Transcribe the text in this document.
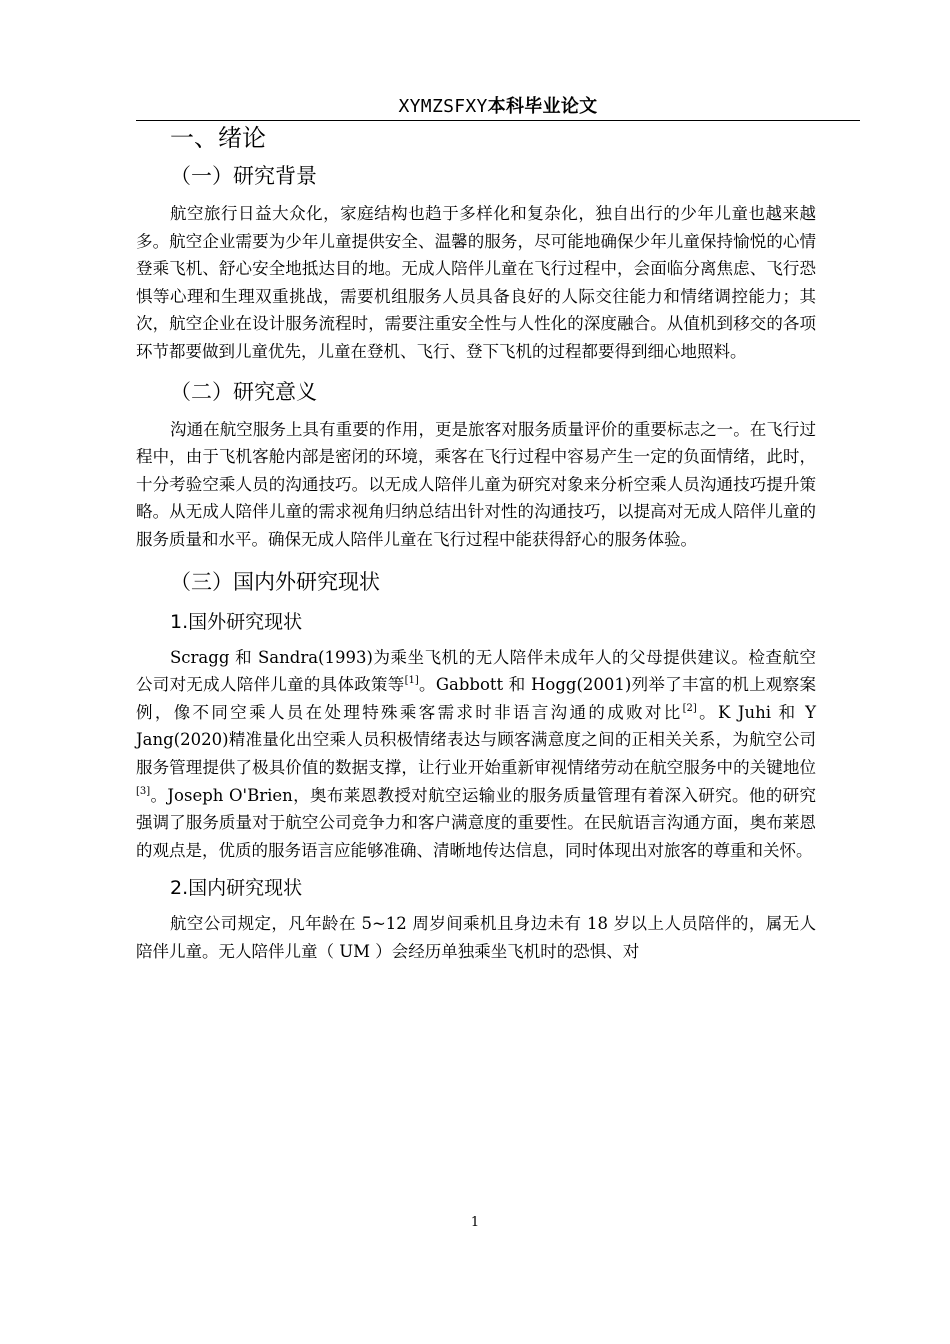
XYMZSFXY本科毕业论文
一、绪论
（一）研究背景

航空旅行日益大众化，家庭结构也趋于多样化和复杂化，独自出行的少年儿童也越来越多。航空企业需要为少年儿童提供安全、温馨的服务，尽可能地确保少年儿童保持愉悦的心情登乘飞机、舒心安全地抵达目的地。无成人陪伴儿童在飞行过程中，会面临分离焦虑、飞行恐惧等心理和生理双重挑战，需要机组服务人员具备良好的人际交往能力和情绪调控能力；其次，航空企业在设计服务流程时，需要注重安全性与人性化的深度融合。从值机到移交的各项环节都要做到儿童优先，儿童在登机、飞行、登下飞机的过程都要得到细心地照料。

（二）研究意义

沟通在航空服务上具有重要的作用，更是旅客对服务质量评价的重要标志之一。在飞行过程中，由于飞机客舱内部是密闭的环境，乘客在飞行过程中容易产生一定的负面情绪，此时，十分考验空乘人员的沟通技巧。以无成人陪伴儿童为研究对象来分析空乘人员沟通技巧提升策略。从无成人陪伴儿童的需求视角归纳总结出针对性的沟通技巧，以提高对无成人陪伴儿童的服务质量和水平。确保无成人陪伴儿童在飞行过程中能获得舒心的服务体验。

（三）国内外研究现状
1.国外研究现状

Scragg 和 Sandra(1993)为乘坐飞机的无人陪伴未成年人的父母提供建议。检查航空公司对无成人陪伴儿童的具体政策等[1]。Gabbott 和 Hogg(2001)列举了丰富的机上观察案例，像不同空乘人员在处理特殊乘客需求时非语言沟通的成败对比[2]。K Juhi 和 Y Jang(2020)精准量化出空乘人员积极情绪表达与顾客满意度之间的正相关关系，为航空公司服务管理提供了极具价值的数据支撑，让行业开始重新审视情绪劳动在航空服务中的关键地位[3]。Joseph O'Brien，奥布莱恩教授对航空运输业的服务质量管理有着深入研究。他的研究强调了服务质量对于航空公司竞争力和客户满意度的重要性。在民航语言沟通方面，奥布莱恩的观点是，优质的服务语言应能够准确、清晰地传达信息，同时体现出对旅客的尊重和关怀。

2.国内研究现状

航空公司规定，凡年龄在 5~12 周岁间乘机且身边未有 18 岁以上人员陪伴的，属无人陪伴儿童。无人陪伴儿童（ UM ）会经历单独乘坐飞机时的恐惧、对

1
